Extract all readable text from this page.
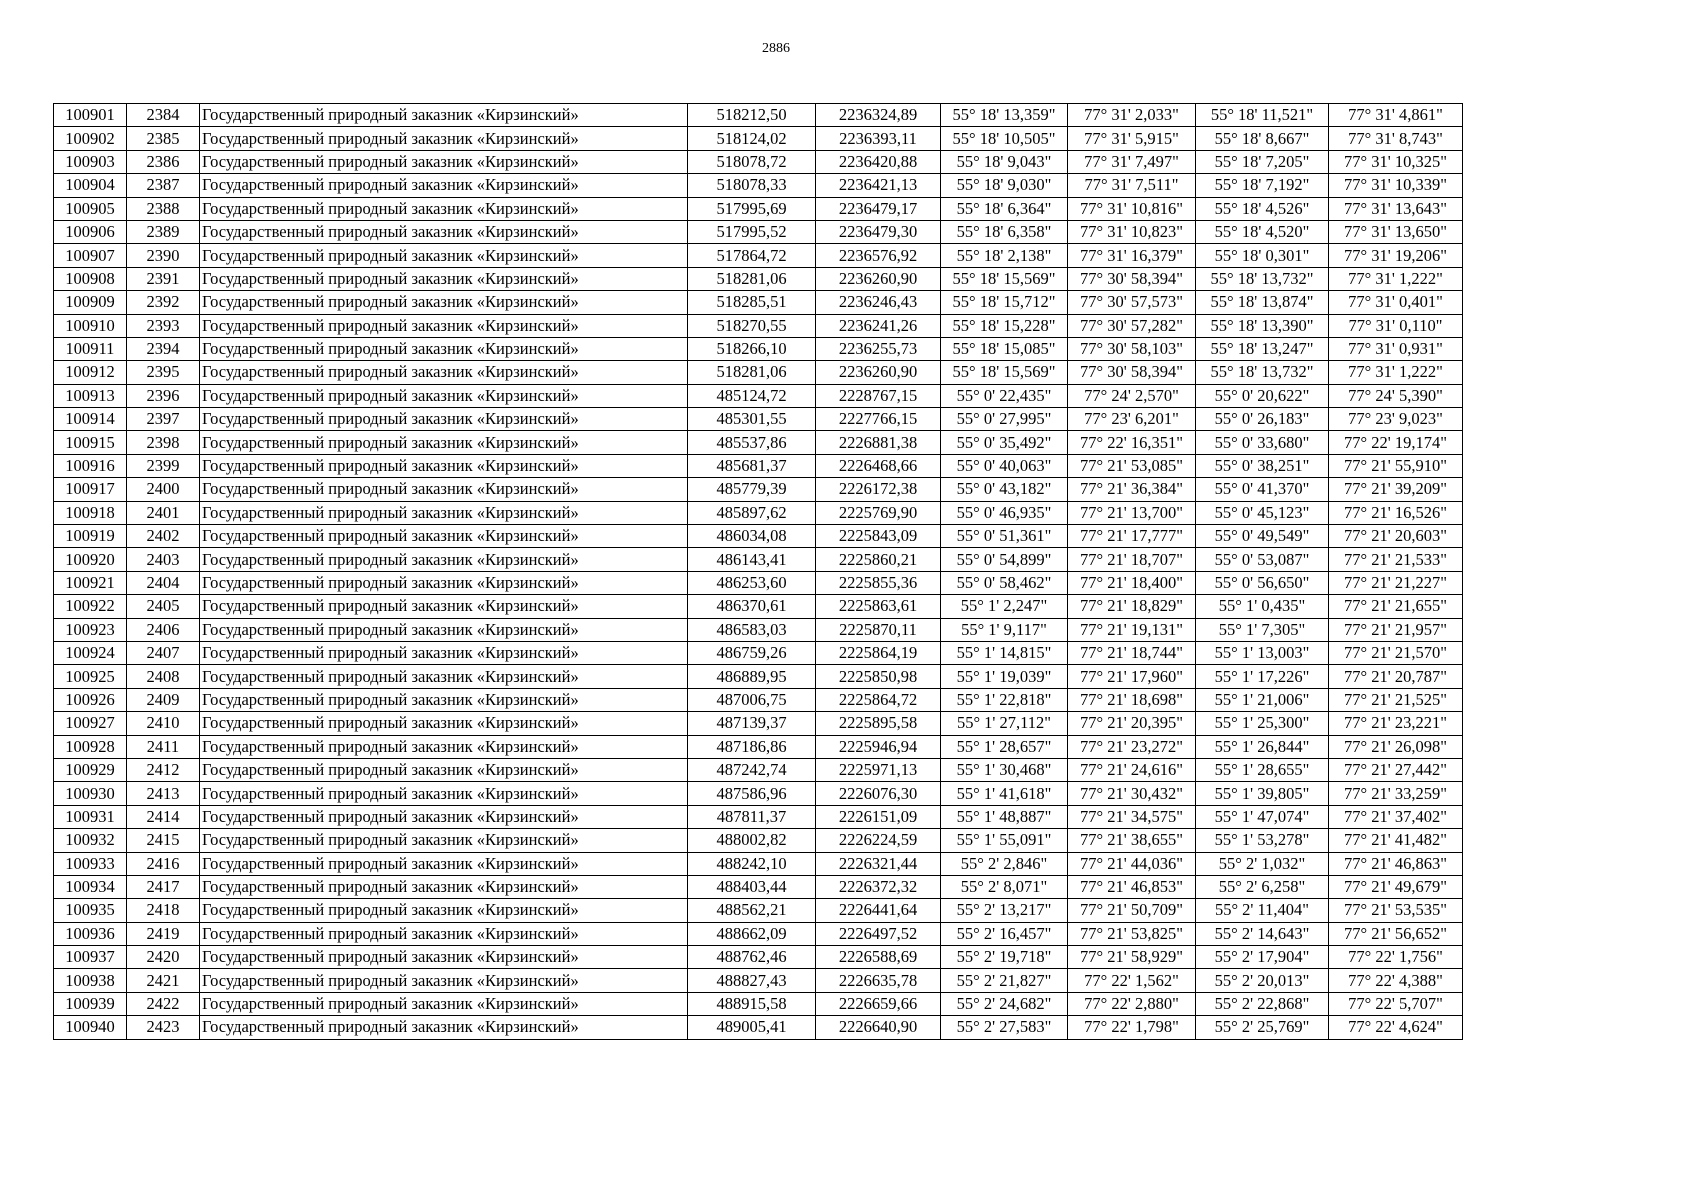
2886
100901	2384	Государственный природный заказник «Кирзинский»	518212,50	2236324,89	55° 18' 13,359"	77° 31' 2,033"	55° 18' 11,521"	77° 31' 4,861"
100902	2385	Государственный природный заказник «Кирзинский»	518124,02	2236393,11	55° 18' 10,505"	77° 31' 5,915"	55° 18' 8,667"	77° 31' 8,743"
100903	2386	Государственный природный заказник «Кирзинский»	518078,72	2236420,88	55° 18' 9,043"	77° 31' 7,497"	55° 18' 7,205"	77° 31' 10,325"
100904	2387	Государственный природный заказник «Кирзинский»	518078,33	2236421,13	55° 18' 9,030"	77° 31' 7,511"	55° 18' 7,192"	77° 31' 10,339"
100905	2388	Государственный природный заказник «Кирзинский»	517995,69	2236479,17	55° 18' 6,364"	77° 31' 10,816"	55° 18' 4,526"	77° 31' 13,643"
100906	2389	Государственный природный заказник «Кирзинский»	517995,52	2236479,30	55° 18' 6,358"	77° 31' 10,823"	55° 18' 4,520"	77° 31' 13,650"
100907	2390	Государственный природный заказник «Кирзинский»	517864,72	2236576,92	55° 18' 2,138"	77° 31' 16,379"	55° 18' 0,301"	77° 31' 19,206"
100908	2391	Государственный природный заказник «Кирзинский»	518281,06	2236260,90	55° 18' 15,569"	77° 30' 58,394"	55° 18' 13,732"	77° 31' 1,222"
100909	2392	Государственный природный заказник «Кирзинский»	518285,51	2236246,43	55° 18' 15,712"	77° 30' 57,573"	55° 18' 13,874"	77° 31' 0,401"
100910	2393	Государственный природный заказник «Кирзинский»	518270,55	2236241,26	55° 18' 15,228"	77° 30' 57,282"	55° 18' 13,390"	77° 31' 0,110"
100911	2394	Государственный природный заказник «Кирзинский»	518266,10	2236255,73	55° 18' 15,085"	77° 30' 58,103"	55° 18' 13,247"	77° 31' 0,931"
100912	2395	Государственный природный заказник «Кирзинский»	518281,06	2236260,90	55° 18' 15,569"	77° 30' 58,394"	55° 18' 13,732"	77° 31' 1,222"
100913	2396	Государственный природный заказник «Кирзинский»	485124,72	2228767,15	55° 0' 22,435"	77° 24' 2,570"	55° 0' 20,622"	77° 24' 5,390"
100914	2397	Государственный природный заказник «Кирзинский»	485301,55	2227766,15	55° 0' 27,995"	77° 23' 6,201"	55° 0' 26,183"	77° 23' 9,023"
100915	2398	Государственный природный заказник «Кирзинский»	485537,86	2226881,38	55° 0' 35,492"	77° 22' 16,351"	55° 0' 33,680"	77° 22' 19,174"
100916	2399	Государственный природный заказник «Кирзинский»	485681,37	2226468,66	55° 0' 40,063"	77° 21' 53,085"	55° 0' 38,251"	77° 21' 55,910"
100917	2400	Государственный природный заказник «Кирзинский»	485779,39	2226172,38	55° 0' 43,182"	77° 21' 36,384"	55° 0' 41,370"	77° 21' 39,209"
100918	2401	Государственный природный заказник «Кирзинский»	485897,62	2225769,90	55° 0' 46,935"	77° 21' 13,700"	55° 0' 45,123"	77° 21' 16,526"
100919	2402	Государственный природный заказник «Кирзинский»	486034,08	2225843,09	55° 0' 51,361"	77° 21' 17,777"	55° 0' 49,549"	77° 21' 20,603"
100920	2403	Государственный природный заказник «Кирзинский»	486143,41	2225860,21	55° 0' 54,899"	77° 21' 18,707"	55° 0' 53,087"	77° 21' 21,533"
100921	2404	Государственный природный заказник «Кирзинский»	486253,60	2225855,36	55° 0' 58,462"	77° 21' 18,400"	55° 0' 56,650"	77° 21' 21,227"
100922	2405	Государственный природный заказник «Кирзинский»	486370,61	2225863,61	55° 1' 2,247"	77° 21' 18,829"	55° 1' 0,435"	77° 21' 21,655"
100923	2406	Государственный природный заказник «Кирзинский»	486583,03	2225870,11	55° 1' 9,117"	77° 21' 19,131"	55° 1' 7,305"	77° 21' 21,957"
100924	2407	Государственный природный заказник «Кирзинский»	486759,26	2225864,19	55° 1' 14,815"	77° 21' 18,744"	55° 1' 13,003"	77° 21' 21,570"
100925	2408	Государственный природный заказник «Кирзинский»	486889,95	2225850,98	55° 1' 19,039"	77° 21' 17,960"	55° 1' 17,226"	77° 21' 20,787"
100926	2409	Государственный природный заказник «Кирзинский»	487006,75	2225864,72	55° 1' 22,818"	77° 21' 18,698"	55° 1' 21,006"	77° 21' 21,525"
100927	2410	Государственный природный заказник «Кирзинский»	487139,37	2225895,58	55° 1' 27,112"	77° 21' 20,395"	55° 1' 25,300"	77° 21' 23,221"
100928	2411	Государственный природный заказник «Кирзинский»	487186,86	2225946,94	55° 1' 28,657"	77° 21' 23,272"	55° 1' 26,844"	77° 21' 26,098"
100929	2412	Государственный природный заказник «Кирзинский»	487242,74	2225971,13	55° 1' 30,468"	77° 21' 24,616"	55° 1' 28,655"	77° 21' 27,442"
100930	2413	Государственный природный заказник «Кирзинский»	487586,96	2226076,30	55° 1' 41,618"	77° 21' 30,432"	55° 1' 39,805"	77° 21' 33,259"
100931	2414	Государственный природный заказник «Кирзинский»	487811,37	2226151,09	55° 1' 48,887"	77° 21' 34,575"	55° 1' 47,074"	77° 21' 37,402"
100932	2415	Государственный природный заказник «Кирзинский»	488002,82	2226224,59	55° 1' 55,091"	77° 21' 38,655"	55° 1' 53,278"	77° 21' 41,482"
100933	2416	Государственный природный заказник «Кирзинский»	488242,10	2226321,44	55° 2' 2,846"	77° 21' 44,036"	55° 2' 1,032"	77° 21' 46,863"
100934	2417	Государственный природный заказник «Кирзинский»	488403,44	2226372,32	55° 2' 8,071"	77° 21' 46,853"	55° 2' 6,258"	77° 21' 49,679"
100935	2418	Государственный природный заказник «Кирзинский»	488562,21	2226441,64	55° 2' 13,217"	77° 21' 50,709"	55° 2' 11,404"	77° 21' 53,535"
100936	2419	Государственный природный заказник «Кирзинский»	488662,09	2226497,52	55° 2' 16,457"	77° 21' 53,825"	55° 2' 14,643"	77° 21' 56,652"
100937	2420	Государственный природный заказник «Кирзинский»	488762,46	2226588,69	55° 2' 19,718"	77° 21' 58,929"	55° 2' 17,904"	77° 22' 1,756"
100938	2421	Государственный природный заказник «Кирзинский»	488827,43	2226635,78	55° 2' 21,827"	77° 22' 1,562"	55° 2' 20,013"	77° 22' 4,388"
100939	2422	Государственный природный заказник «Кирзинский»	488915,58	2226659,66	55° 2' 24,682"	77° 22' 2,880"	55° 2' 22,868"	77° 22' 5,707"
100940	2423	Государственный природный заказник «Кирзинский»	489005,41	2226640,90	55° 2' 27,583"	77° 22' 1,798"	55° 2' 25,769"	77° 22' 4,624"
